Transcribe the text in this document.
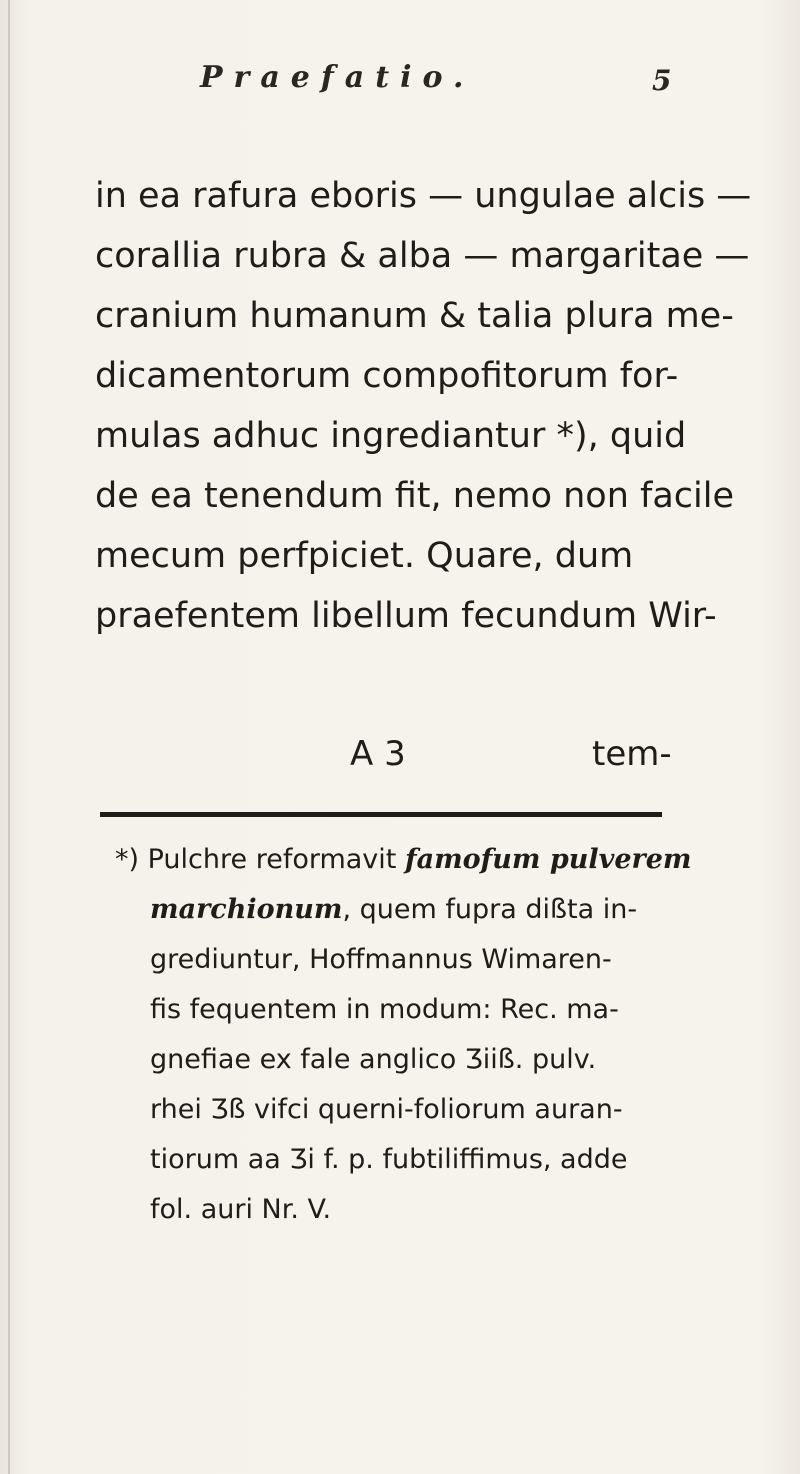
Praefatio.	5
in ea rafura eboris — ungulae alcis —
corallia rubra & alba — margaritae —
cranium humanum & talia plura me-
dicamentorum compofitorum for-
mulas adhuc ingrediantur *), quid
de ea tenendum fit, nemo non facile
mecum perfpiciet. Quare, dum
praefentem libellum fecundum Wir-
A 3	tem-
*) Pulchre reformavit famofum pulverem
marchionum, quem fupra dißta in-
grediuntur, Hoffmannus Wimaren-
fis fequentem in modum: Rec. ma-
gnefiae ex fale anglico Ʒiiß. pulv.
rhei Ʒß vifci querni-foliorum auran-
tiorum aa Ʒi f. p. fubtiliffimus, adde
fol. auri Nr. V.
